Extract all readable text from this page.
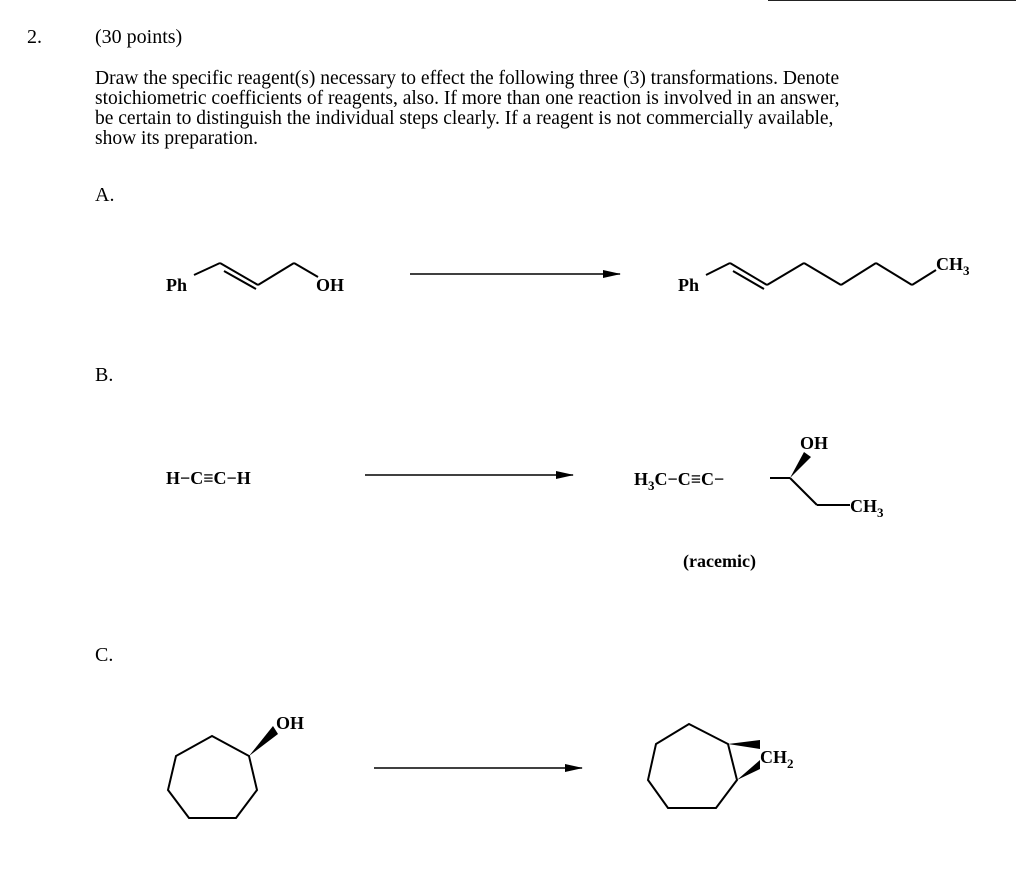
2.	(30 points)
Draw the specific reagent(s) necessary to effect the following three (3) transformations. Denote
stoichiometric coefficients of reagents, also. If more than one reaction is involved in an answer,
be certain to distinguish the individual steps clearly. If a reagent is not commercially available,
show its preparation.
A.
B.
C.
Ph	OH	Ph
$CH_3$
H−C≡C−H	$H_3C-C\equiv C-$
OH
$CH_3$
(racemic)
OH
$CH_2$
